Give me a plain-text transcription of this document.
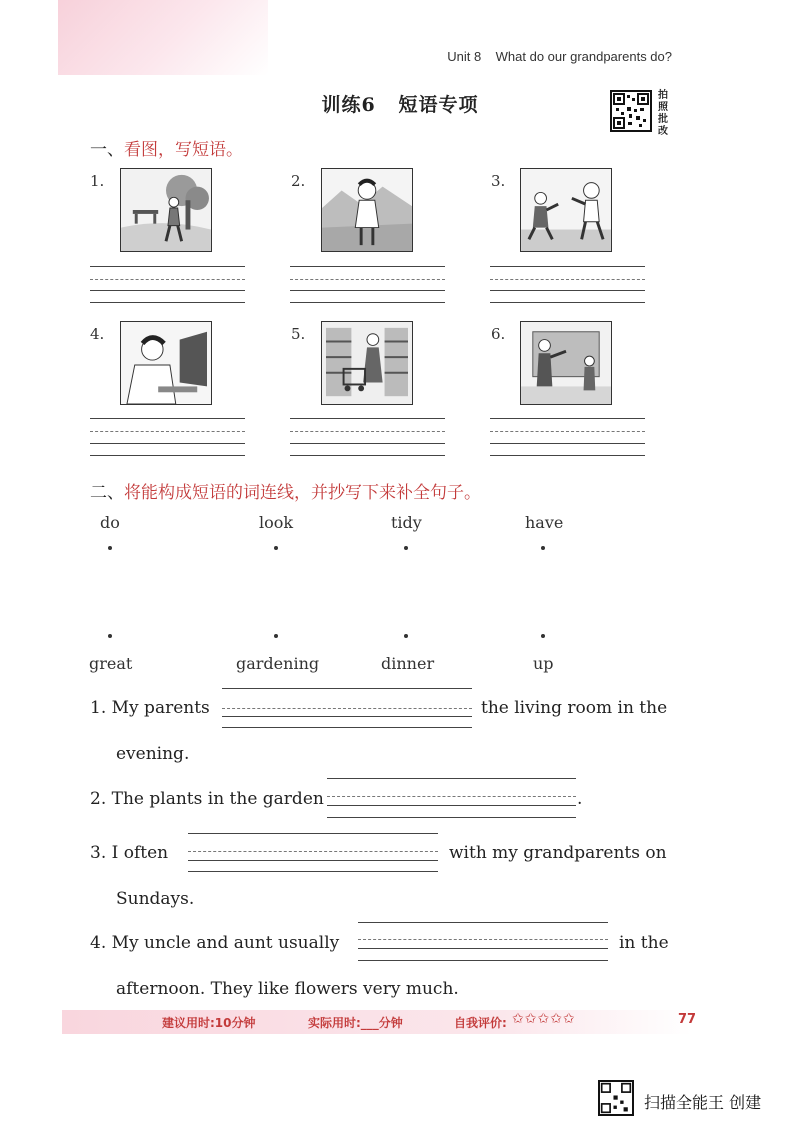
Unit 8 What do our grandparents do?
训练6   短语专项	拍
照
批
改
一、看图，写短语。
1.	2.	3.
4.	5.	6.
二、将能构成短语的词连线，并抄写下来补全句子。
do	look	tidy	have
great	gardening	dinner	up
1. My parents	the living room in the
evening.
2. The plants in the garden	.
3. I often	with my grandparents on
Sundays.
4. My uncle and aunt usually	in the
afternoon. They like flowers very much.
建议用时:10分钟	实际用时:___分钟	自我评价: ✩✩✩✩✩	77
扫描全能王 创建
